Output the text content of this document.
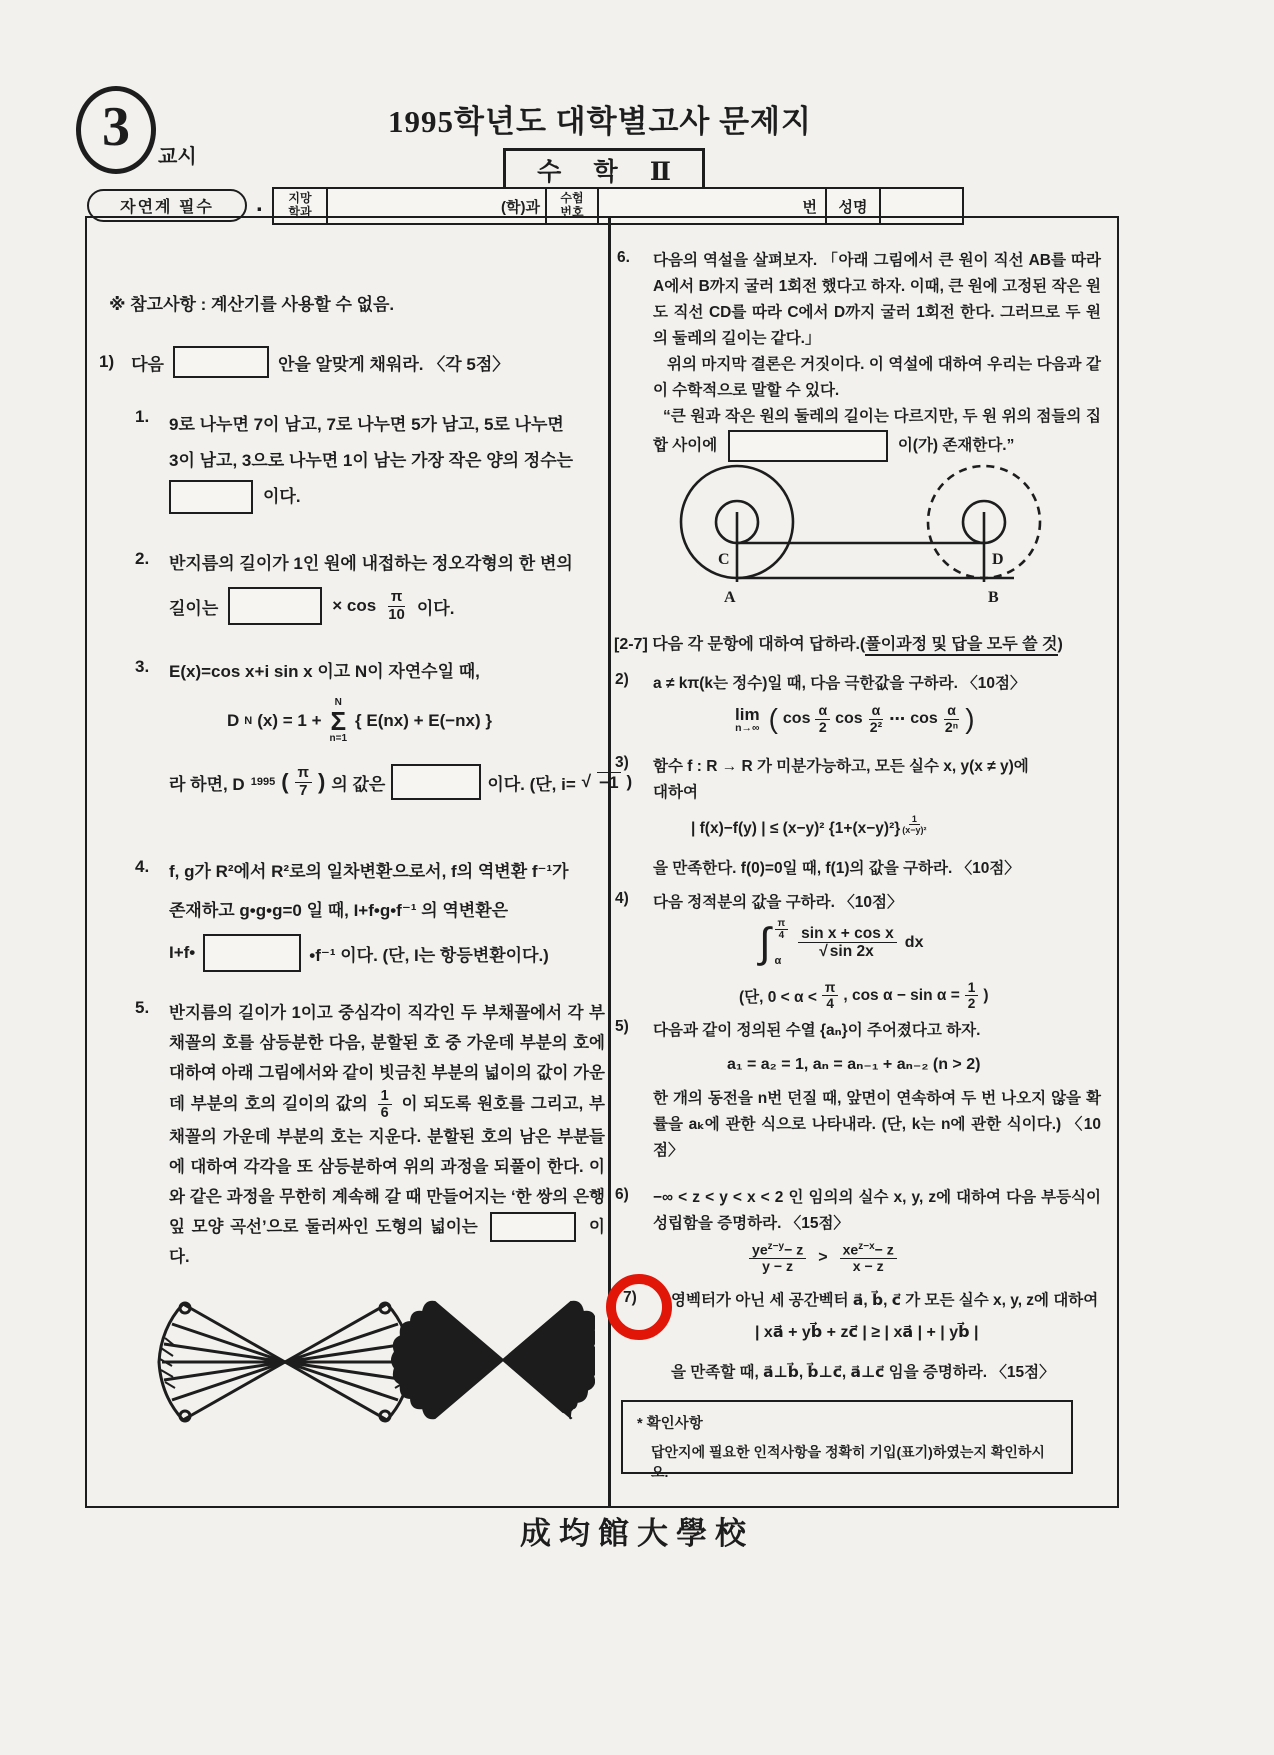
3	교시
1995학년도 대학별고사 문제지
수 학 Ⅱ
자연계 필수 . 지망
학과	(학)과
수험
번호	번 성명
※ 참고사항 : 계산기를 사용할 수 없음.
1) 다음	안을 알맞게 채워라. 〈각 5점〉
1. 9로 나누면 7이 남고, 7로 나누면 5가 남고, 5로 나누면
3이 남고, 3으로 나누면 1이 남는 가장 작은 양의 정수는
이다.
2. 반지름의 길이가 1인 원에 내접하는 정오각형의 한 변의
길이는	× $\cos \frac{\pi}{10}$ 이다.
3. E(x)=cos x+i sin x 이고 N이 자연수일 때,
D N (x) = 1 +
N
Σ
n=1
{ E(nx) + E(−nx) }
라 하면, D 1995 ( $\frac{\pi}{7}$ ) 의 값은	이다. (단, i= √ −1 )
4. f, g가 R²에서 R²로의 일차변환으로서, f의 역변환 f⁻¹가
존재하고 g•g•g=0 일 때, I+f•g•f⁻¹ 의 역변환은
I+f•	•f⁻¹ 이다. (단, I는 항등변환이다.)
5. 반지름의 길이가 1이고 중심각이 직각인 두 부채꼴에서 각 부채꼴의 호를 삼등분한 다음, 분할된 호 중 가운데 부분의 호에 대하여 아래 그림에서와 같이 빗금친 부분의 넓이의 값이 가운데 부분의 호의 길이의 값의 $\frac{1}{6}$ 이 되도록 원호를 그리고, 부채꼴의 가운데 부분의 호는 지운다. 분할된 호의 남은 부분들에 대하여 각각을 또 삼등분하여 위의 과정을 되풀이 한다. 이와 같은 과정을 무한히 계속해 갈 때 만들어지는 ‘한 쌍의 은행잎 모양 곡선’으로 둘러싸인 도형의 넓이는	이다.
6. 다음의 역설을 살펴보자. 「아래 그림에서 큰 원이 직선 AB를 따라 A에서 B까지 굴러 1회전 했다고 하자. 이때, 큰 원에 고정된 작은 원도 직선 CD를 따라 C에서 D까지 굴러 1회전 한다. 그러므로 두 원의 둘레의 길이는 같다.」
위의 마지막 결론은 거짓이다. 이 역설에 대하여 우리는 다음과 같이 수학적으로 말할 수 있다.
“큰 원과 작은 원의 둘레의 길이는 다르지만, 두 원 위의 점들의 집합 사이에	이(가) 존재한다.”
C	D
A	B
[2-7] 다음 각 문항에 대하여 답하라.(풀이과정 및 답을 모두 쓸 것)
2) a ≠ kπ(k는 정수)일 때, 다음 극한값을 구하라. 〈10점〉
lim
n→∞ ( $\cos \frac{\alpha}{2}$ $\cos \frac{\alpha}{\text{2²}}$ ⋯ $\cos \frac{\alpha}{\text{2ⁿ}}$ )
3) 함수 f : R → R 가 미분가능하고, 모든 실수 x, y(x ≠ y)에
대하여
| f(x)−f(y) | ≤ (x−y)² {1+(x−y)²} $^{\frac{1}{\text{(x−y)²}}}$
을 만족한다. f(0)=0일 때, f(1)의 값을 구하라. 〈10점〉
4) 다음 정적분의 값을 구하라. 〈10점〉
∫ $\frac{\pi}{4}$
α
$\frac{\text{sin x + cos x}}{√ \sin 2x}$ dx
(단, $0 < \alpha < \frac{\pi}{4}$ , $\cos \alpha - \sin \alpha = \frac{1}{2}$ )
5) 다음과 같이 정의된 수열 {aₙ}이 주어졌다고 하자.
a₁ = a₂ = 1, aₙ = aₙ₋₁ + aₙ₋₂ (n > 2)
한 개의 동전을 n번 던질 때, 앞면이 연속하여 두 번 나오지 않을 확률을 aₖ에 관한 식으로 나타내라. (단, k는 n에 관한 식이다.) 〈10점〉
6) −∞ < z < y < x < 2 인 임의의 실수 x, y, z에 대하여 다음 부등식이 성립함을 증명하라. 〈15점〉
$\frac{ye^{z-y}- z}{y - z} > \frac{xe^{z-x}- z}{x - z}$
7) 영벡터가 아닌 세 공간벡터 a⃗, b⃗, c⃗ 가 모든 실수 x, y, z에 대하여
| xa⃗ + yb⃗ + zc⃗ | ≥ | xa⃗ | + | yb⃗ |
을 만족할 때, a⃗⊥b⃗, b⃗⊥c⃗, a⃗⊥c⃗ 임을 증명하라. 〈15점〉
* 확인사항
답안지에 필요한 인적사항을 정확히 기입(표기)하였는지 확인하시오.
成均館大學校
